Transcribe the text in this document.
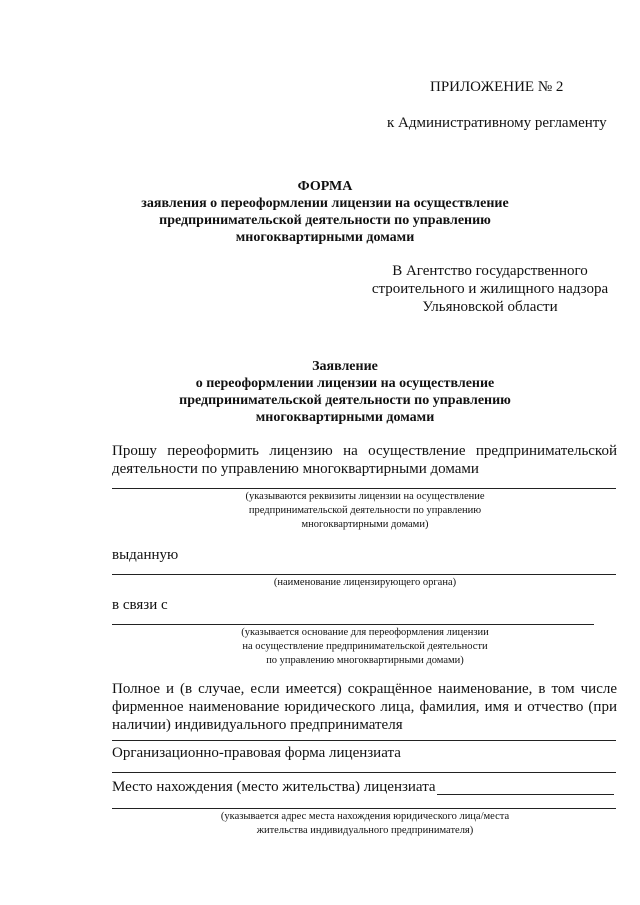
ПРИЛОЖЕНИЕ № 2
к Административному регламенту
ФОРМА
заявления о переоформлении лицензии на осуществление
предпринимательской деятельности по управлению
многоквартирными домами
В Агентство государственного
строительного и жилищного надзора
Ульяновской области
Заявление
о переоформлении лицензии на осуществление
предпринимательской деятельности по управлению
многоквартирными домами
Прошу переоформить лицензию на осуществление предпринимательской
деятельности по управлению многоквартирными домами
(указываются реквизиты лицензии на осуществление
предпринимательской деятельности по управлению
многоквартирными домами)
выданную
(наименование лицензирующего органа)
в связи с
(указывается основание для переоформления лицензии
на осуществление предпринимательской деятельности
по управлению многоквартирными домами)
Полное и (в случае, если имеется) сокращённое наименование, в том числе
фирменное наименование юридического лица, фамилия, имя и отчество (при
наличии) индивидуального предпринимателя
Организационно-правовая форма лицензиата
Место нахождения (место жительства) лицензиата
(указывается адрес места нахождения юридического лица/места
жительства индивидуального предпринимателя)
